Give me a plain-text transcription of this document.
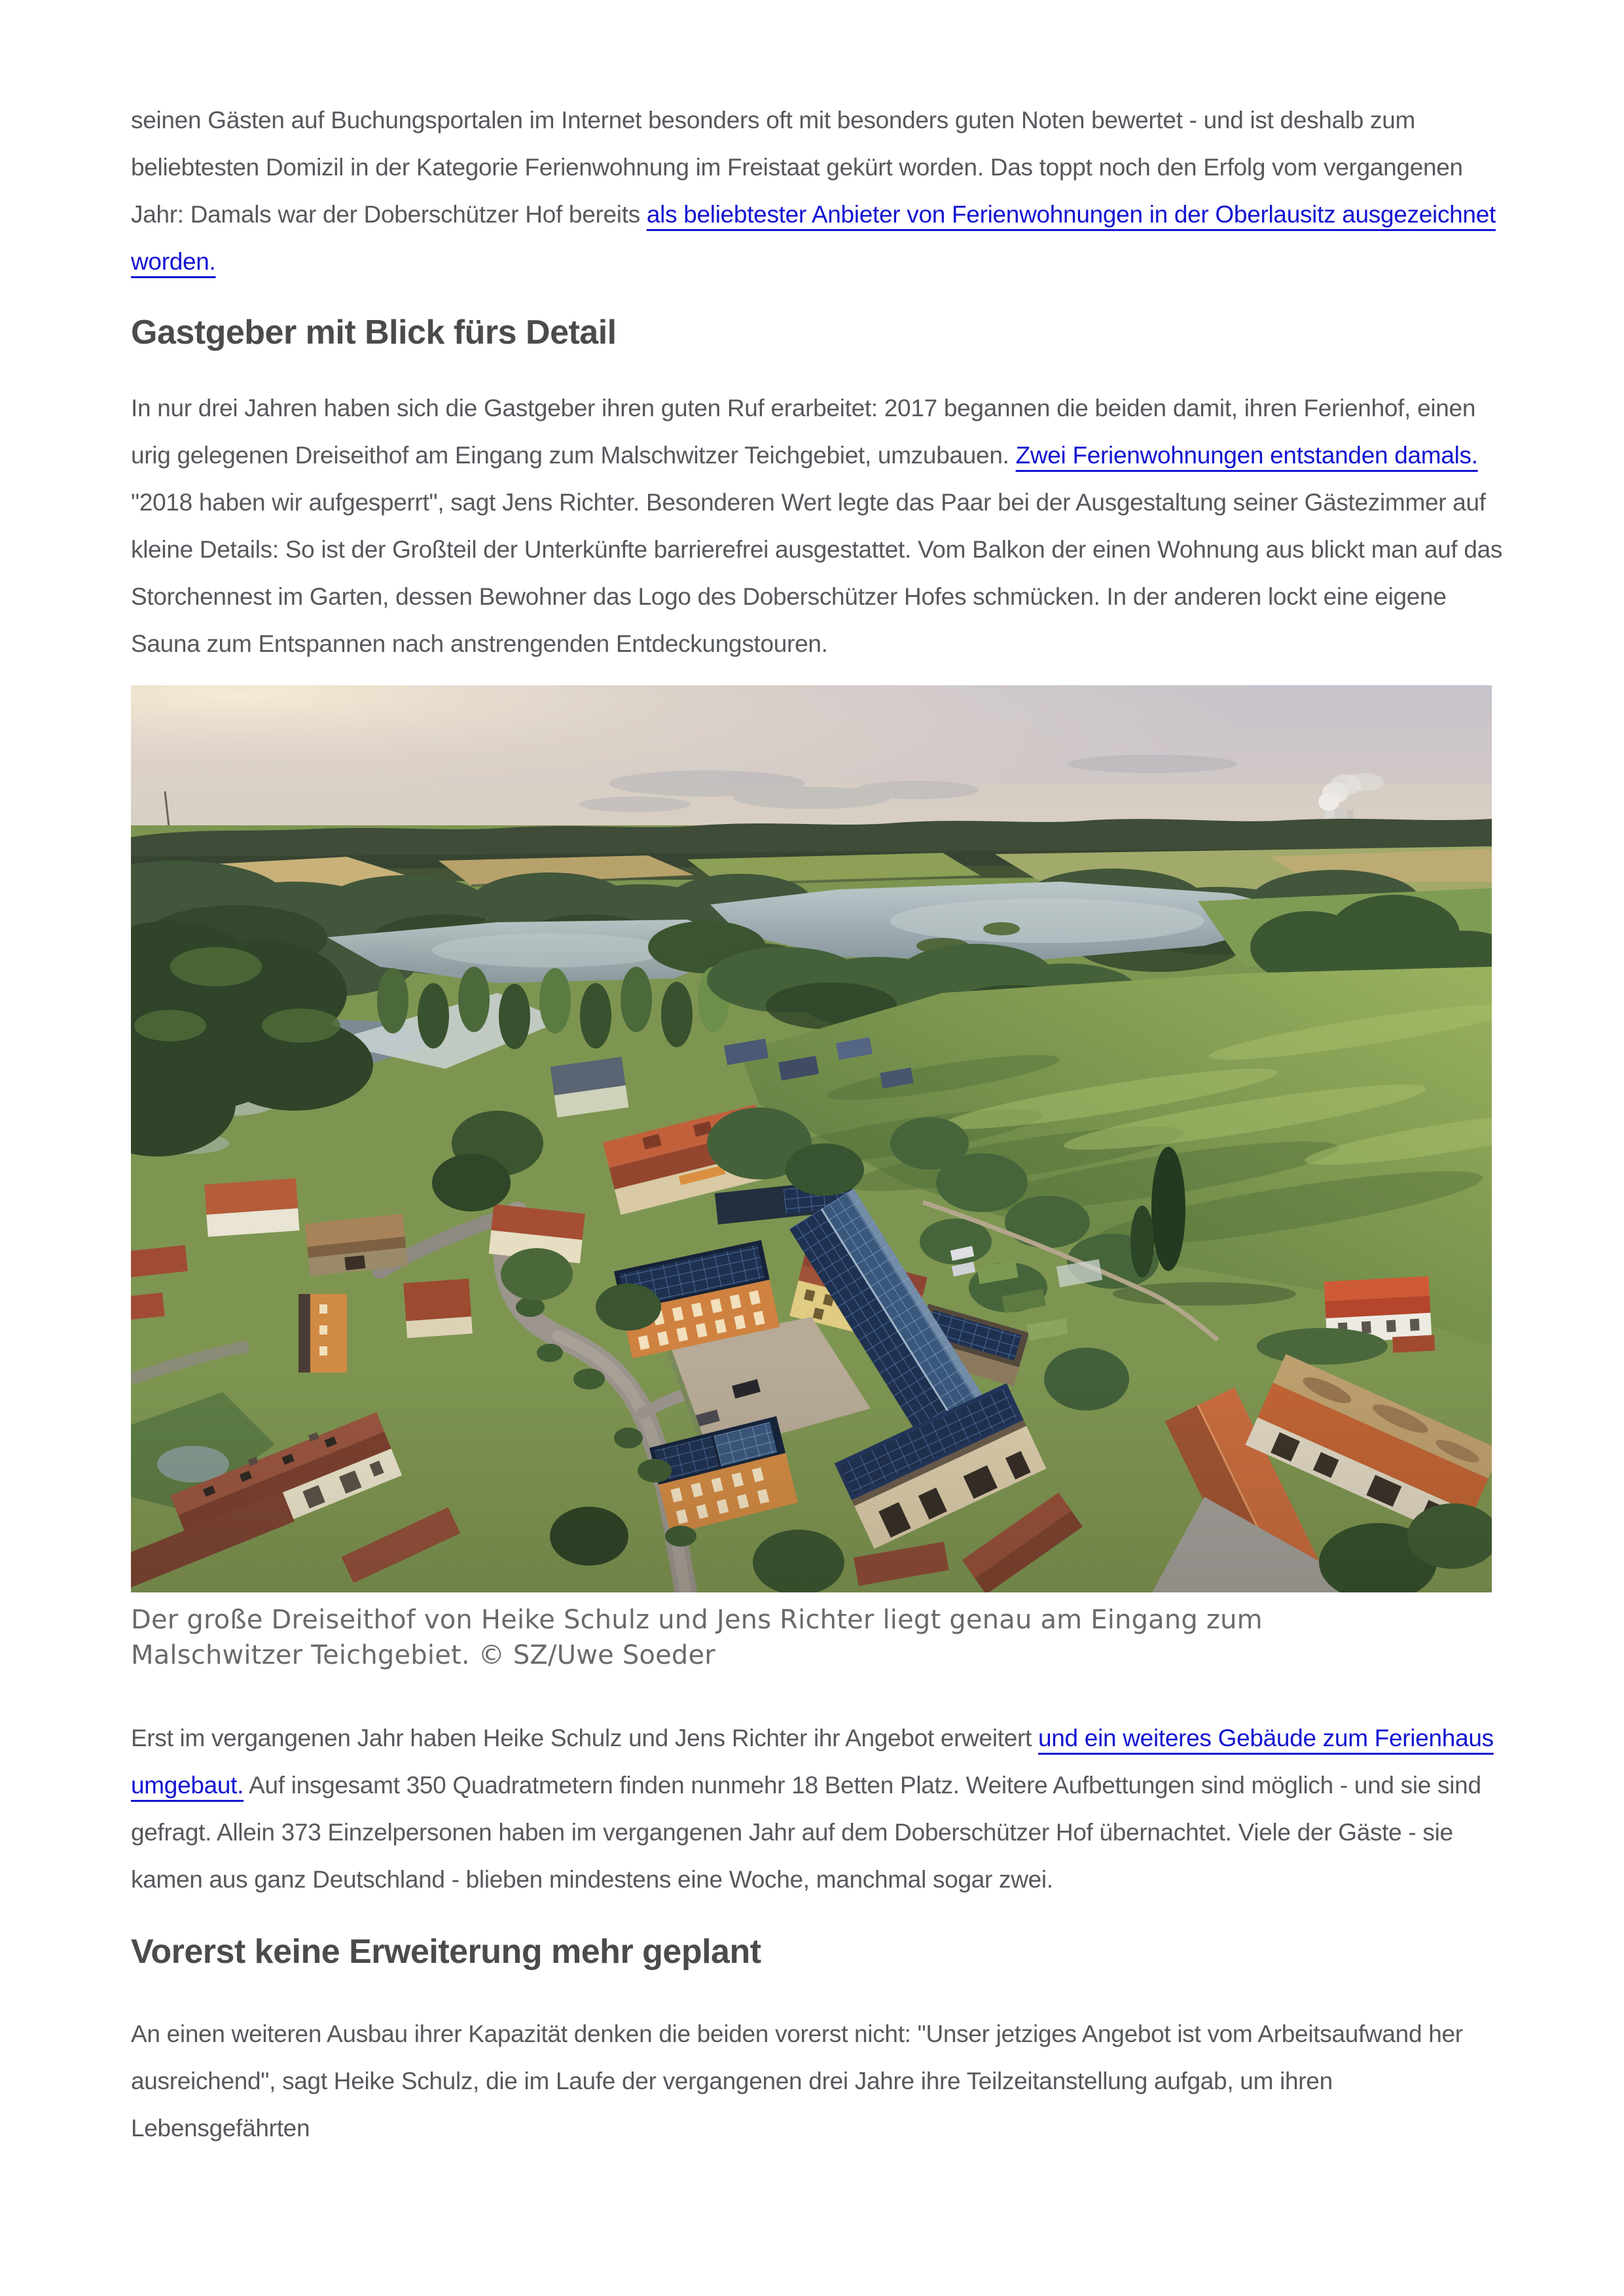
seinen Gästen auf Buchungsportalen im Internet besonders oft mit besonders guten Noten bewertet - und ist deshalb zum beliebtesten Domizil in der Kategorie Ferienwohnung im Freistaat gekürt worden. Das toppt noch den Erfolg vom vergangenen Jahr: Damals war der Doberschützer Hof bereits als beliebtester Anbieter von Ferienwohnungen in der Oberlausitz ausgezeichnet worden.

Gastgeber mit Blick fürs Detail

In nur drei Jahren haben sich die Gastgeber ihren guten Ruf erarbeitet: 2017 begannen die beiden damit, ihren Ferienhof, einen urig gelegenen Dreiseithof am Eingang zum Malschwitzer Teichgebiet, umzubauen. Zwei Ferienwohnungen entstanden damals. "2018 haben wir aufgesperrt", sagt Jens Richter. Besonderen Wert legte das Paar bei der Ausgestaltung seiner Gästezimmer auf kleine Details: So ist der Großteil der Unterkünfte barrierefrei ausgestattet. Vom Balkon der einen Wohnung aus blickt man auf das Storchennest im Garten, dessen Bewohner das Logo des Doberschützer Hofes schmücken. In der anderen lockt eine eigene Sauna zum Entspannen nach anstrengenden Entdeckungstouren.

Der große Dreiseithof von Heike Schulz und Jens Richter liegt genau am Eingang zum Malschwitzer Teichgebiet. © SZ/Uwe Soeder

Erst im vergangenen Jahr haben Heike Schulz und Jens Richter ihr Angebot erweitert und ein weiteres Gebäude zum Ferienhaus umgebaut. Auf insgesamt 350 Quadratmetern finden nunmehr 18 Betten Platz. Weitere Aufbettungen sind möglich - und sie sind gefragt. Allein 373 Einzelpersonen haben im vergangenen Jahr auf dem Doberschützer Hof übernachtet. Viele der Gäste - sie kamen aus ganz Deutschland - blieben mindestens eine Woche, manchmal sogar zwei.

Vorerst keine Erweiterung mehr geplant

An einen weiteren Ausbau ihrer Kapazität denken die beiden vorerst nicht: "Unser jetziges Angebot ist vom Arbeitsaufwand her ausreichend", sagt Heike Schulz, die im Laufe der vergangenen drei Jahre ihre Teilzeitanstellung aufgab, um ihren Lebensgefährten
